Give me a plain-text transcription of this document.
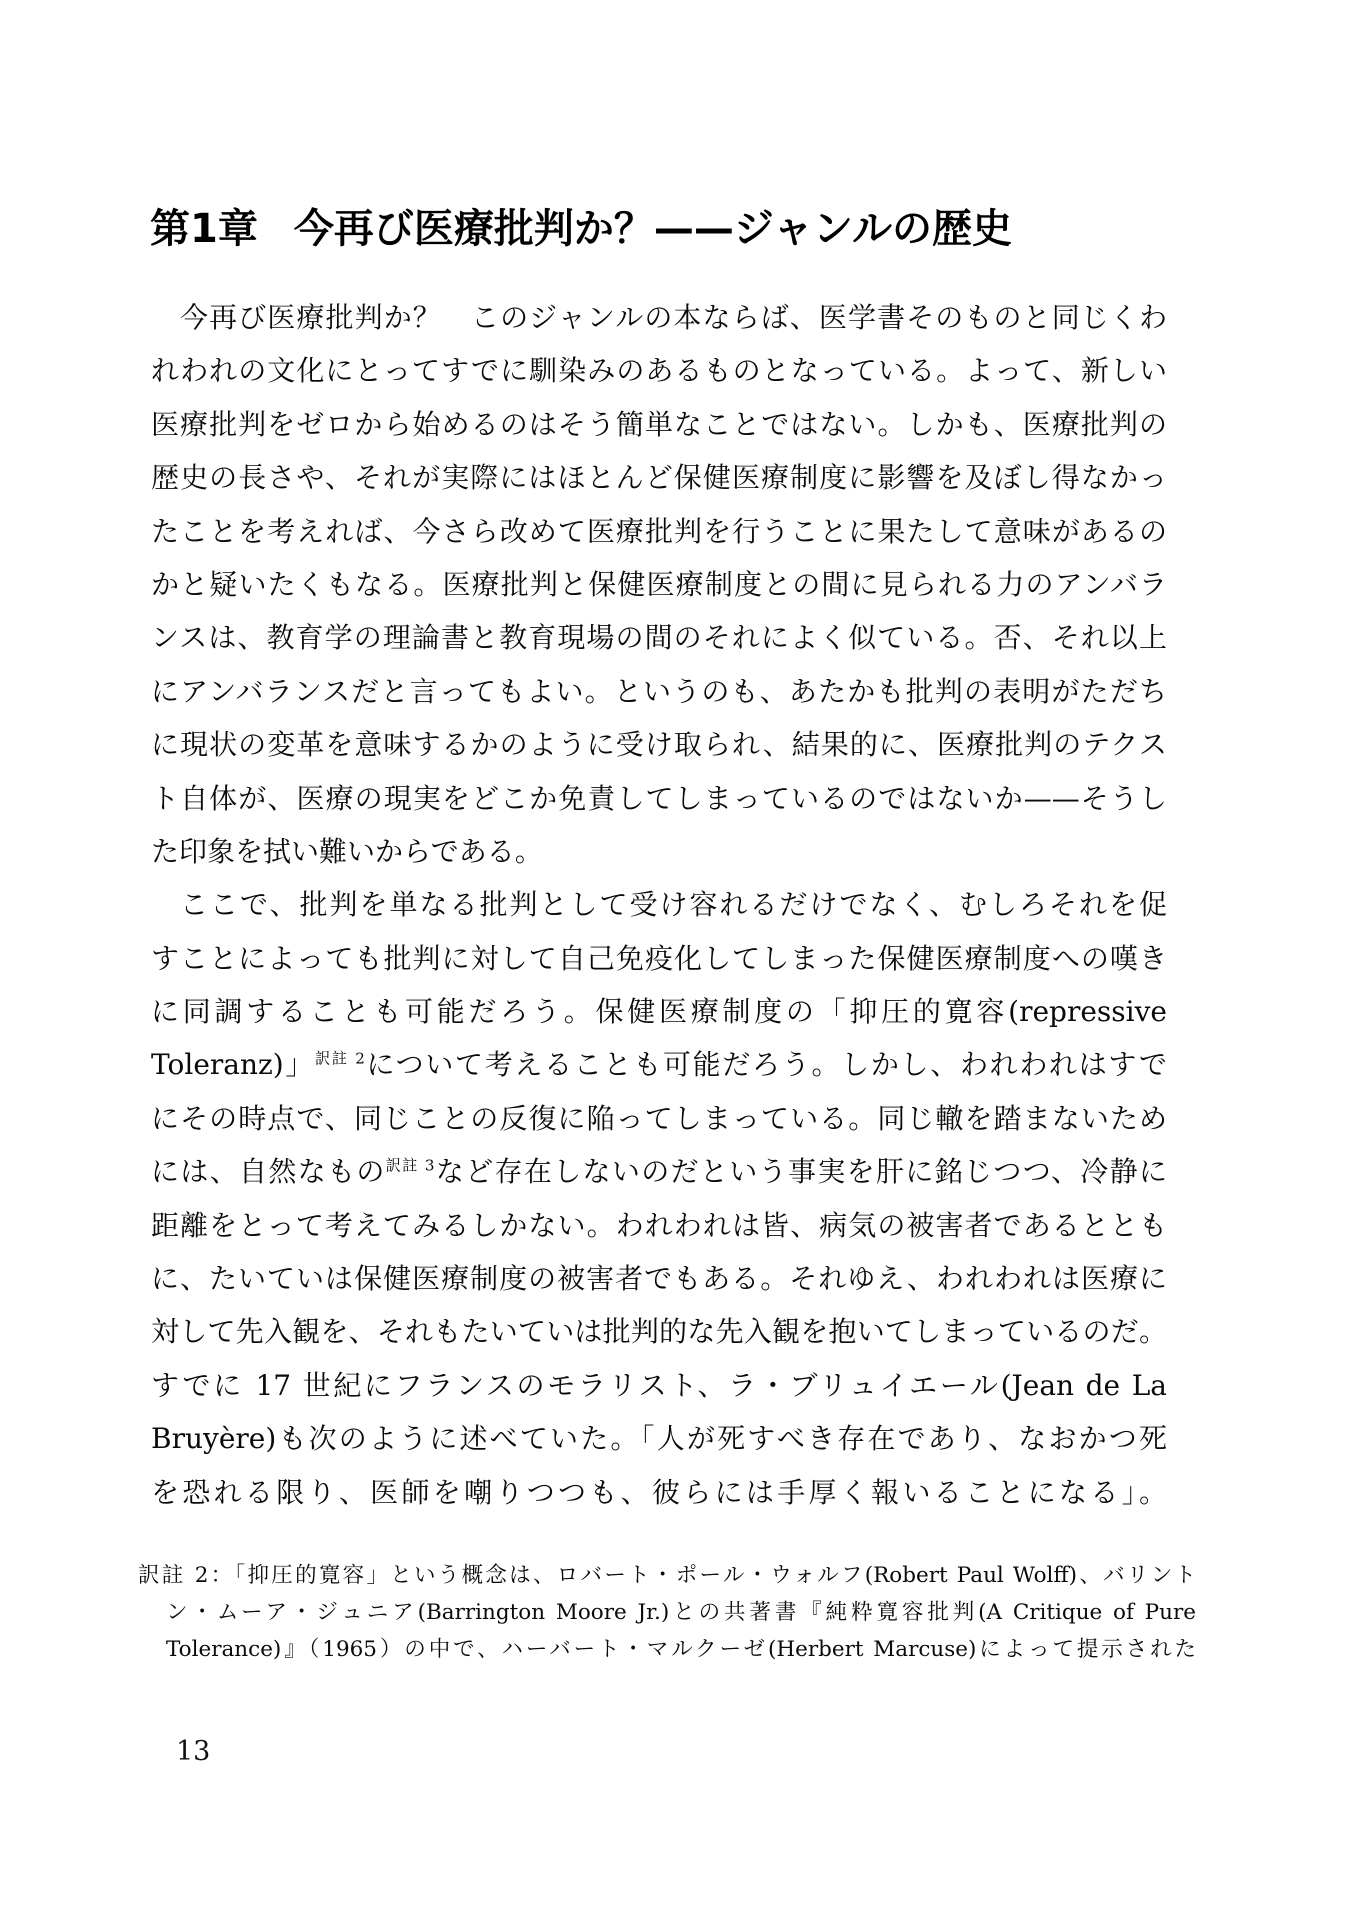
第1章 今再び医療批判か？——ジャンルの歴史
今再び医療批判か？　このジャンルの本ならば、医学書そのものと同じくわ
れわれの文化にとってすでに馴染みのあるものとなっている。よって、新しい
医療批判をゼロから始めるのはそう簡単なことではない。しかも、医療批判の
歴史の長さや、それが実際にはほとんど保健医療制度に影響を及ぼし得なかっ
たことを考えれば、今さら改めて医療批判を行うことに果たして意味があるの
かと疑いたくもなる。医療批判と保健医療制度との間に見られる力のアンバラ
ンスは、教育学の理論書と教育現場の間のそれによく似ている。否、それ以上
にアンバランスだと言ってもよい。というのも、あたかも批判の表明がただち
に現状の変革を意味するかのように受け取られ、結果的に、医療批判のテクス
ト自体が、医療の現実をどこか免責してしまっているのではないか——そうし
た印象を拭い難いからである。
ここで、批判を単なる批判として受け容れるだけでなく、むしろそれを促
すことによっても批判に対して自己免疫化してしまった保健医療制度への嘆き
に同調することも可能だろう。保健医療制度の「抑圧的寛容(repressive
Toleranz)」$^{訳註 2}$について考えることも可能だろう。しかし、われわれはすで
にその時点で、同じことの反復に陥ってしまっている。同じ轍を踏まないため
には、自然なもの$^{訳註 3}$など存在しないのだという事実を肝に銘じつつ、冷静に
距離をとって考えてみるしかない。われわれは皆、病気の被害者であるととも
に、たいていは保健医療制度の被害者でもある。それゆえ、われわれは医療に
対して先入観を、それもたいていは批判的な先入観を抱いてしまっているのだ。
すでに 17 世紀にフランスのモラリスト、ラ・ブリュイエール(Jean de La
Bruyère)も次のように述べていた。「人が死すべき存在であり、なおかつ死
を恐れる限り、医師を嘲りつつも、彼らには手厚く報いることになる」。
訳註 2：「抑圧的寛容」という概念は、ロバート・ポール・ウォルフ(Robert Paul Wolff)、バリント
ン・ムーア・ジュニア(Barrington Moore Jr.)との共著書『純粋寛容批判(A Critique of Pure
Tolerance)』（1965）の中で、ハーバート・マルクーゼ(Herbert Marcuse)によって提示された
13
